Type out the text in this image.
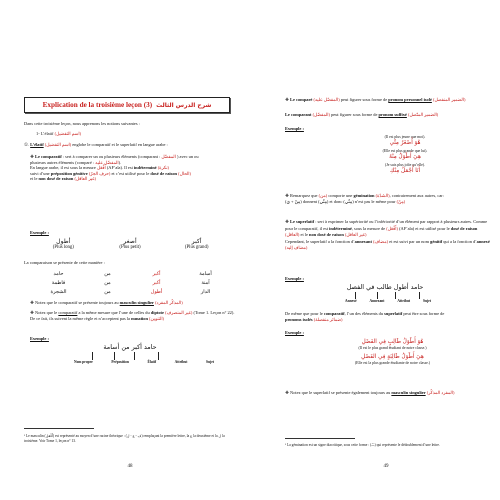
Explication de la troisième leçon (3) شرح الدرس الثالث
Dans cette troisième leçon, nous apprenons les notions suivantes :
1- L’élatif (اسم التفضيل)
①. L’élatif (اسم التفضيل) englobe le comparatif et le superlatif en langue arabe :
❖ Le comparatif : sert à comparer un ou plusieurs éléments (comparant : المفضّل ) avec un ou
plusieurs autres éléments (comparé : المفضّل عليه).
En langue arabe, il est sous la mesure أَفْعَل (AF’ala). Il est indéterminé (نكرة)
suivi d’une préposition génitive (حرف الجرّ) et c’est utilisé pour le dosé de raison (الحال)
et le non dosé de raison (غير العاقل)
Exemple :
أطول	أصغر	أكبر
(Plus long)	(Plus petit)	(Plus grand)
La comparaison se présente de cette manière :
حامد	من	أكبر	أسامة
فاطمة	من	أكبر	آمنة
الشجرة	من	أطول	الدار
❖ Notez que le comparatif se présente toujours au masculin singulier (المذكّر المفرد)
❖ Notez que le comparatif a la même mesure que l’une de celles du diptote (غير المنصرف) (Tome 1. Leçon n° 22). De ce fait, ils suivent la même règle et n’acceptent pas la nunation (التنوين)
Exemple :
حامد أكبر من أسامة
Nom propre	Préposition	Élatif	Attribut	Sujet
¹ Le masculin (أَفْعَل) est représenté au moyen d’une racine théorique : (ف - ع - ل) remplaçant la première lettre, la ع la deuxième et la ل la troisième. Voir Tome 1, leçon n° 13.
48
❖ Le comparé (المفضّل عليه) peut figurer sous forme de pronom personnel isolé (الضمير المنفصل)
Le comparant (المفضّل) peut figurer sous forme de pronom suffixé (الضمير المتّصل)
Exemple :
(Il est plus jeune que moi).
هُوَ أَصْغَرُ مِنِّي
(Elle est plus grande que lui).
هِيَ أَطْوَلُ مِنْهُ
(Je suis plus jolie qu’elle).
أَنَا أَجْمَلُ مِنْكِ
❖ Remarquez que (من) comporte une gémination (الشدّة), contrairement aux autres, car:
(مِنْ + يَ) donnent (مِنِّي) et donc (مِنِّي) n’est pas le même pour (مِنّ)
❖ Le superlatif : sert à exprimer la supériorité ou l’infériorité d’un élément par rapport à plusieurs autres. Comme pour le comparatif, il est indéterminé, sous la mesure de (أَفْعَل) (AF’ala) et est utilisé pour le dosé de raison (العاقل) et le non dosé de raison (غير العاقل)
Cependant, le superlatif a la fonction d’annexant (مضاف) et est suivi par un nom génitif qui a la fonction d’annexé (مضاف إليه)
Exemple :
حامد أطول طالب في الفصل
Annexé	Annexant	Attribut	Sujet
De même que pour le comparatif, l’un des éléments du superlatif peut être sous forme de
pronoms isolés (ضمائر منفصلة)
Exemple :
هُوَ أَطْوَلُ طَالِبٍ فِي الفَصْلِ
(Il est le plus grand étudiant de notre classe.)
هِيَ أَطْوَلُ طَالِبَةٍ فِي الفَصْلِ
(Elle est la plus grande étudiante de notre classe.)
❖ Notez que le superlatif se présente également toujours au masculin singulier (المفرد المذكّر)
¹ La gémination est un signe diacritique, sous cette forme : (ــّـ) qui représente le dédoublement d’une lettre.
49
